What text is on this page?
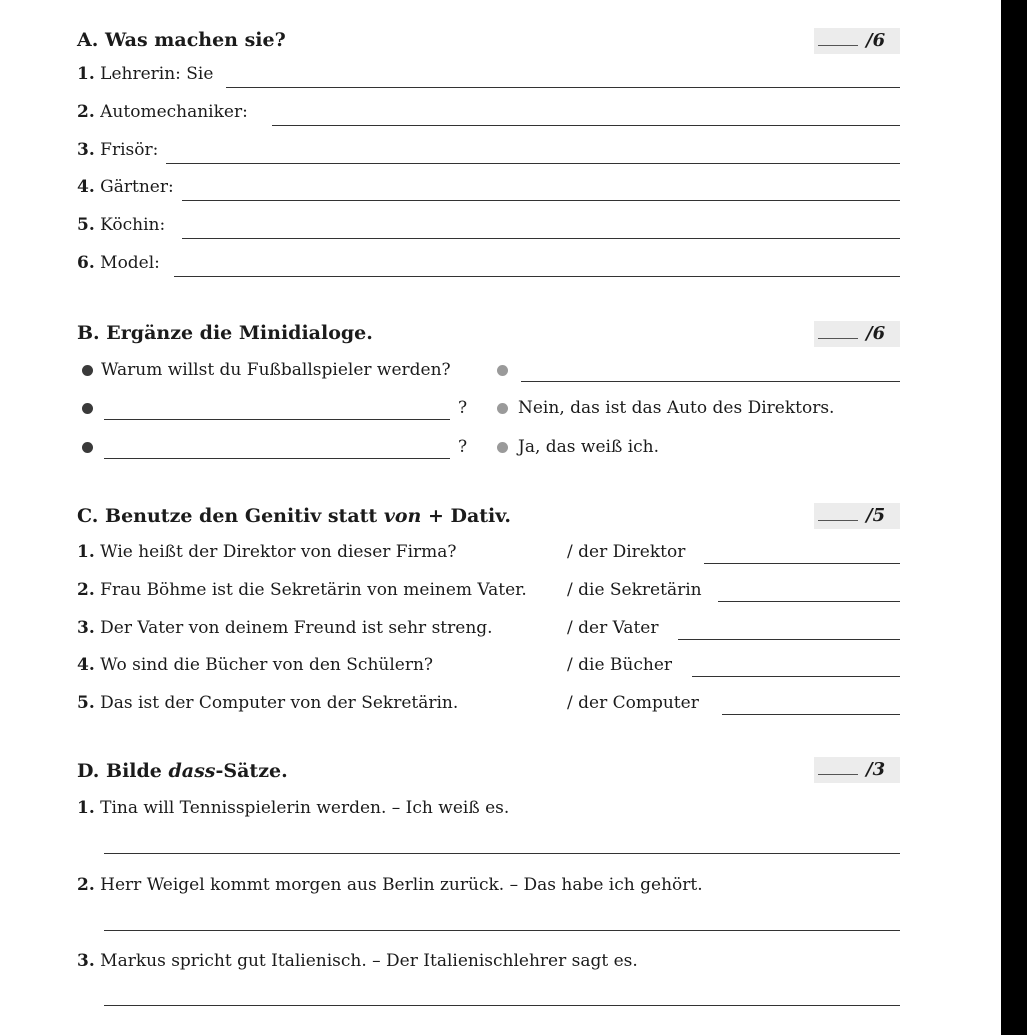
A. Was machen sie?	/6
1. Lehrerin: Sie
2. Automechaniker:
3. Frisör:
4. Gärtner:
5. Köchin:
6. Model:
B. Ergänze die Minidialoge.	/6
Warum willst du Fußballspieler werden?
?	Nein, das ist das Auto des Direktors.
?	Ja, das weiß ich.
C. Benutze den Genitiv statt von + Dativ.	/5
1. Wie heißt der Direktor von dieser Firma?	/ der Direktor
2. Frau Böhme ist die Sekretärin von meinem Vater. / die Sekretärin
3. Der Vater von deinem Freund ist sehr streng.	/ der Vater
4. Wo sind die Bücher von den Schülern?	/ die Bücher
5. Das ist der Computer von der Sekretärin.	/ der Computer
D. Bilde dass-Sätze.	/3
1. Tina will Tennisspielerin werden. – Ich weiß es.
2. Herr Weigel kommt morgen aus Berlin zurück. – Das habe ich gehört.
3. Markus spricht gut Italienisch. – Der Italienischlehrer sagt es.
